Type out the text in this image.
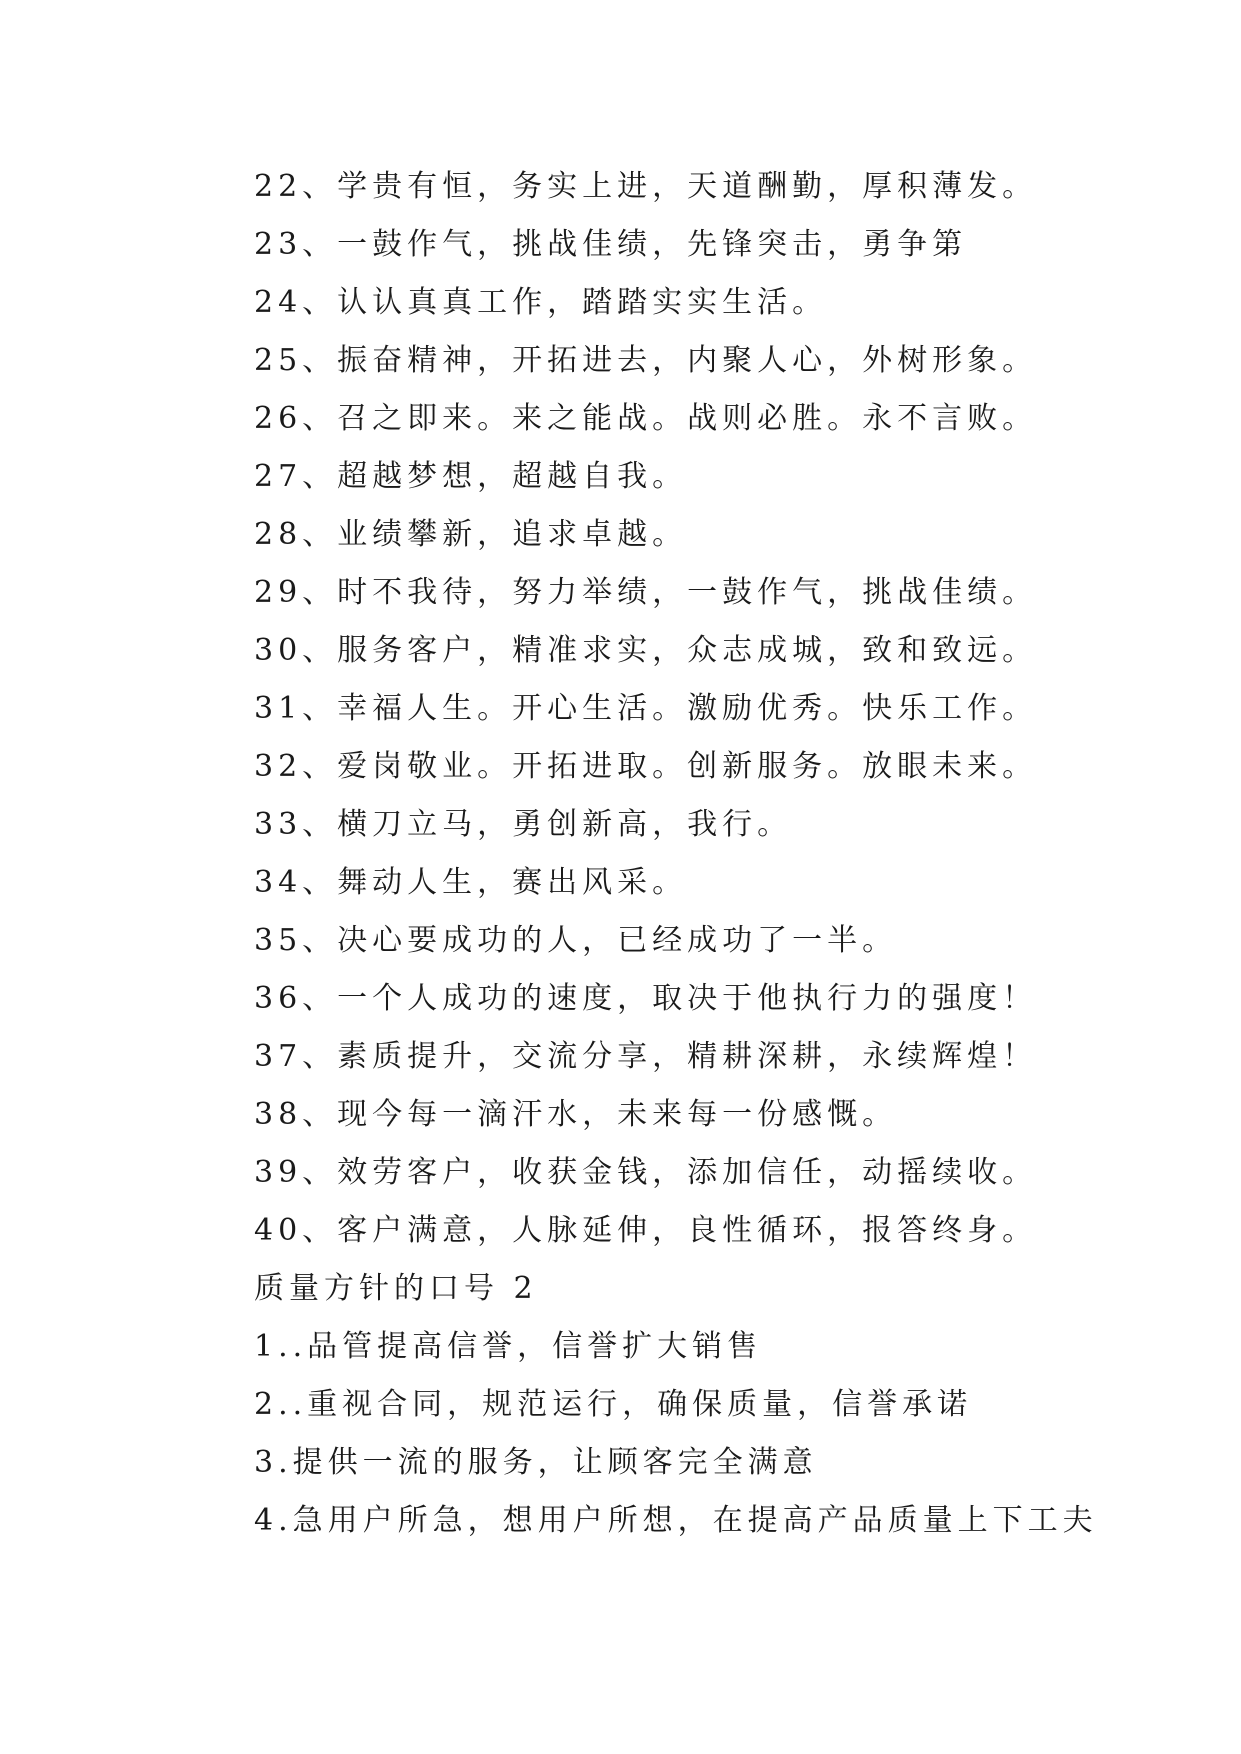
22、学贵有恒，务实上进，天道酬勤，厚积薄发。
23、一鼓作气，挑战佳绩，先锋突击，勇争第
24、认认真真工作，踏踏实实生活。
25、振奋精神，开拓进去，内聚人心，外树形象。
26、召之即来。来之能战。战则必胜。永不言败。
27、超越梦想，超越自我。
28、业绩攀新，追求卓越。
29、时不我待，努力举绩，一鼓作气，挑战佳绩。
30、服务客户，精准求实，众志成城，致和致远。
31、幸福人生。开心生活。激励优秀。快乐工作。
32、爱岗敬业。开拓进取。创新服务。放眼未来。
33、横刀立马，勇创新高，我行。
34、舞动人生，赛出风采。
35、决心要成功的人，已经成功了一半。
36、一个人成功的速度，取决于他执行力的强度！
37、素质提升，交流分享，精耕深耕，永续辉煌！
38、现今每一滴汗水，未来每一份感慨。
39、效劳客户，收获金钱，添加信任，动摇续收。
40、客户满意，人脉延伸，良性循环，报答终身。
质量方针的口号 2
1..品管提高信誉，信誉扩大销售
2..重视合同，规范运行，确保质量，信誉承诺
3.提供一流的服务，让顾客完全满意
4.急用户所急，想用户所想，在提高产品质量上下工夫
